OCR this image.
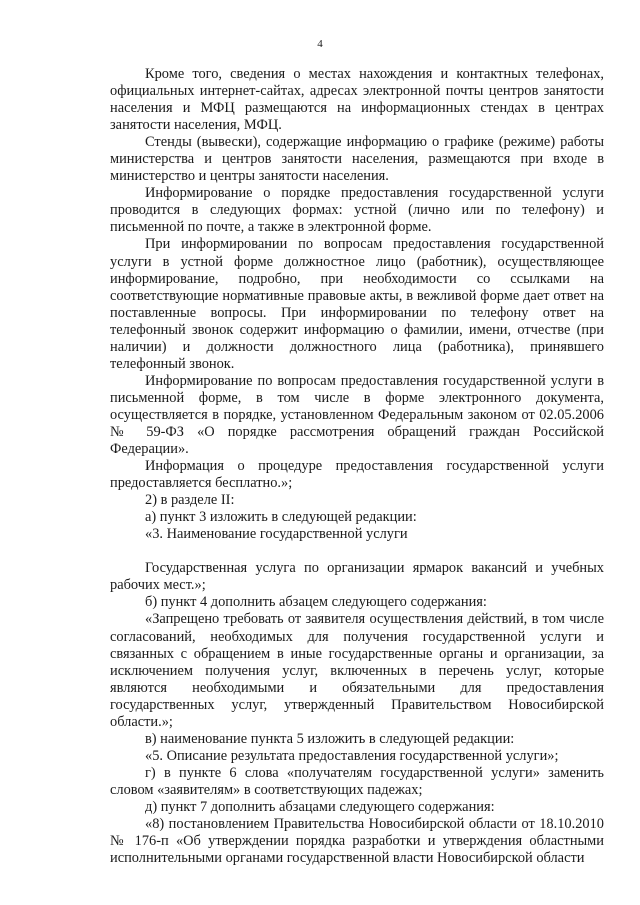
4

Кроме того, сведения о местах нахождения и контактных телефонах, официальных интернет-сайтах, адресах электронной почты центров занятости населения и МФЦ размещаются на информационных стендах в центрах занятости населения, МФЦ.

Стенды (вывески), содержащие информацию о графике (режиме) работы министерства и центров занятости населения, размещаются при входе в министерство и центры занятости населения.

Информирование о порядке предоставления государственной услуги проводится в следующих формах: устной (лично или по телефону) и письменной по почте, а также в электронной форме.

При информировании по вопросам предоставления государственной услуги в устной форме должностное лицо (работник), осуществляющее информирование, подробно, при необходимости со ссылками на соответствующие нормативные правовые акты, в вежливой форме дает ответ на поставленные вопросы. При информировании по телефону ответ на телефонный звонок содержит информацию о фамилии, имени, отчестве (при наличии) и должности должностного лица (работника), принявшего телефонный звонок.

Информирование по вопросам предоставления государственной услуги в письменной форме, в том числе в форме электронного документа, осуществляется в порядке, установленном Федеральным законом от 02.05.2006 № 59-ФЗ «О порядке рассмотрения обращений граждан Российской Федерации».

Информация о процедуре предоставления государственной услуги предоставляется бесплатно.»;

2) в разделе II:

а) пункт 3 изложить в следующей редакции:

«3. Наименование государственной услуги

Государственная услуга по организации ярмарок вакансий и учебных рабочих мест.»;

б) пункт 4 дополнить абзацем следующего содержания:

«Запрещено требовать от заявителя осуществления действий, в том числе согласований, необходимых для получения государственной услуги и связанных с обращением в иные государственные органы и организации, за исключением получения услуг, включенных в перечень услуг, которые являются необходимыми и обязательными для предоставления государственных услуг, утвержденный Правительством Новосибирской области.»;

в) наименование пункта 5 изложить в следующей редакции:

«5. Описание результата предоставления государственной услуги»;

г) в пункте 6 слова «получателям государственной услуги» заменить словом «заявителям» в соответствующих падежах;

д) пункт 7 дополнить абзацами следующего содержания:

«8) постановлением Правительства Новосибирской области от 18.10.2010 № 176-п «Об утверждении порядка разработки и утверждения областными исполнительными органами государственной власти Новосибирской области
